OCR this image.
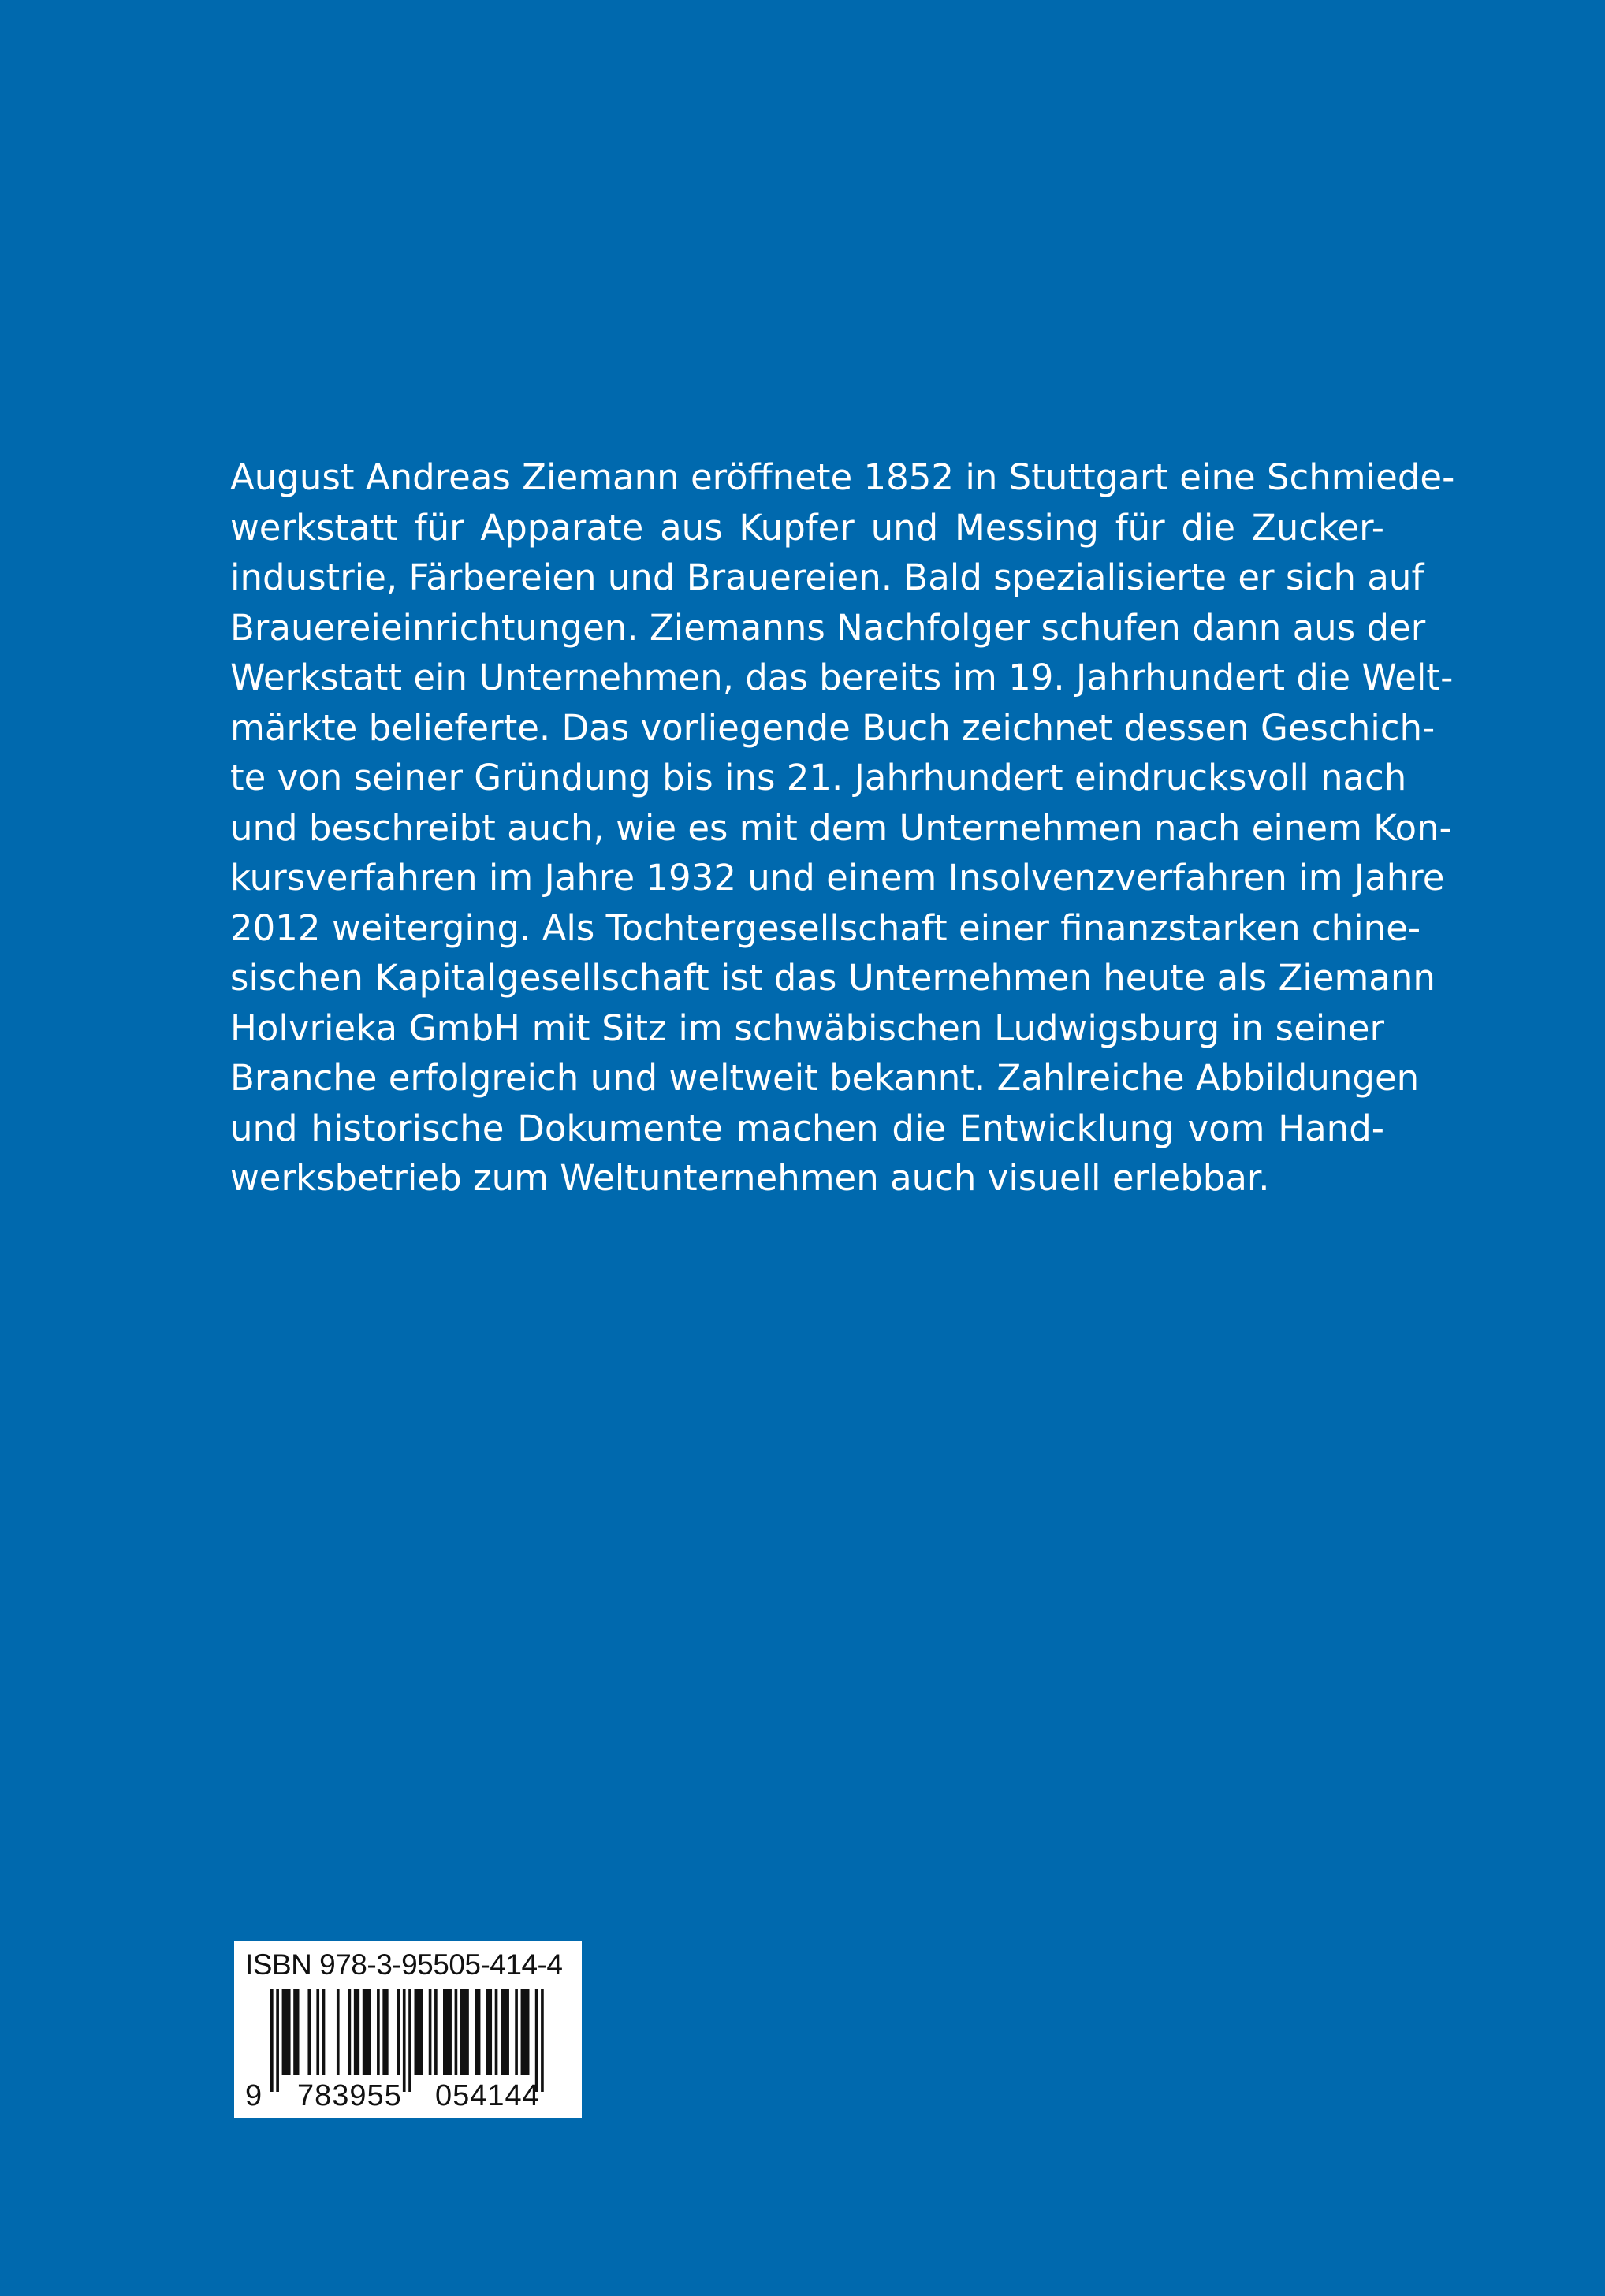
August Andreas Ziemann eröffnete 1852 in Stuttgart eine Schmiede-
werkstatt für Apparate aus Kupfer und Messing für die Zucker-
industrie, Färbereien und Brauereien. Bald spezialisierte er sich auf
Brauereieinrichtungen. Ziemanns Nachfolger schufen dann aus der
Werkstatt ein Unternehmen, das bereits im 19. Jahrhundert die Welt-
märkte belieferte. Das vorliegende Buch zeichnet dessen Geschich-
te von seiner Gründung bis ins 21. Jahrhundert eindrucksvoll nach
und beschreibt auch, wie es mit dem Unternehmen nach einem Kon-
kursverfahren im Jahre 1932 und einem Insolvenzverfahren im Jahre
2012 weiterging. Als Tochtergesellschaft einer finanzstarken chine-
sischen Kapitalgesellschaft ist das Unternehmen heute als Ziemann
Holvrieka GmbH mit Sitz im schwäbischen Ludwigsburg in seiner
Branche erfolgreich und weltweit bekannt. Zahlreiche Abbildungen
und historische Dokumente machen die Entwicklung vom Hand-
werksbetrieb zum Weltunternehmen auch visuell erlebbar.
ISBN 978-3-95505-414-4
9 783955 054144
